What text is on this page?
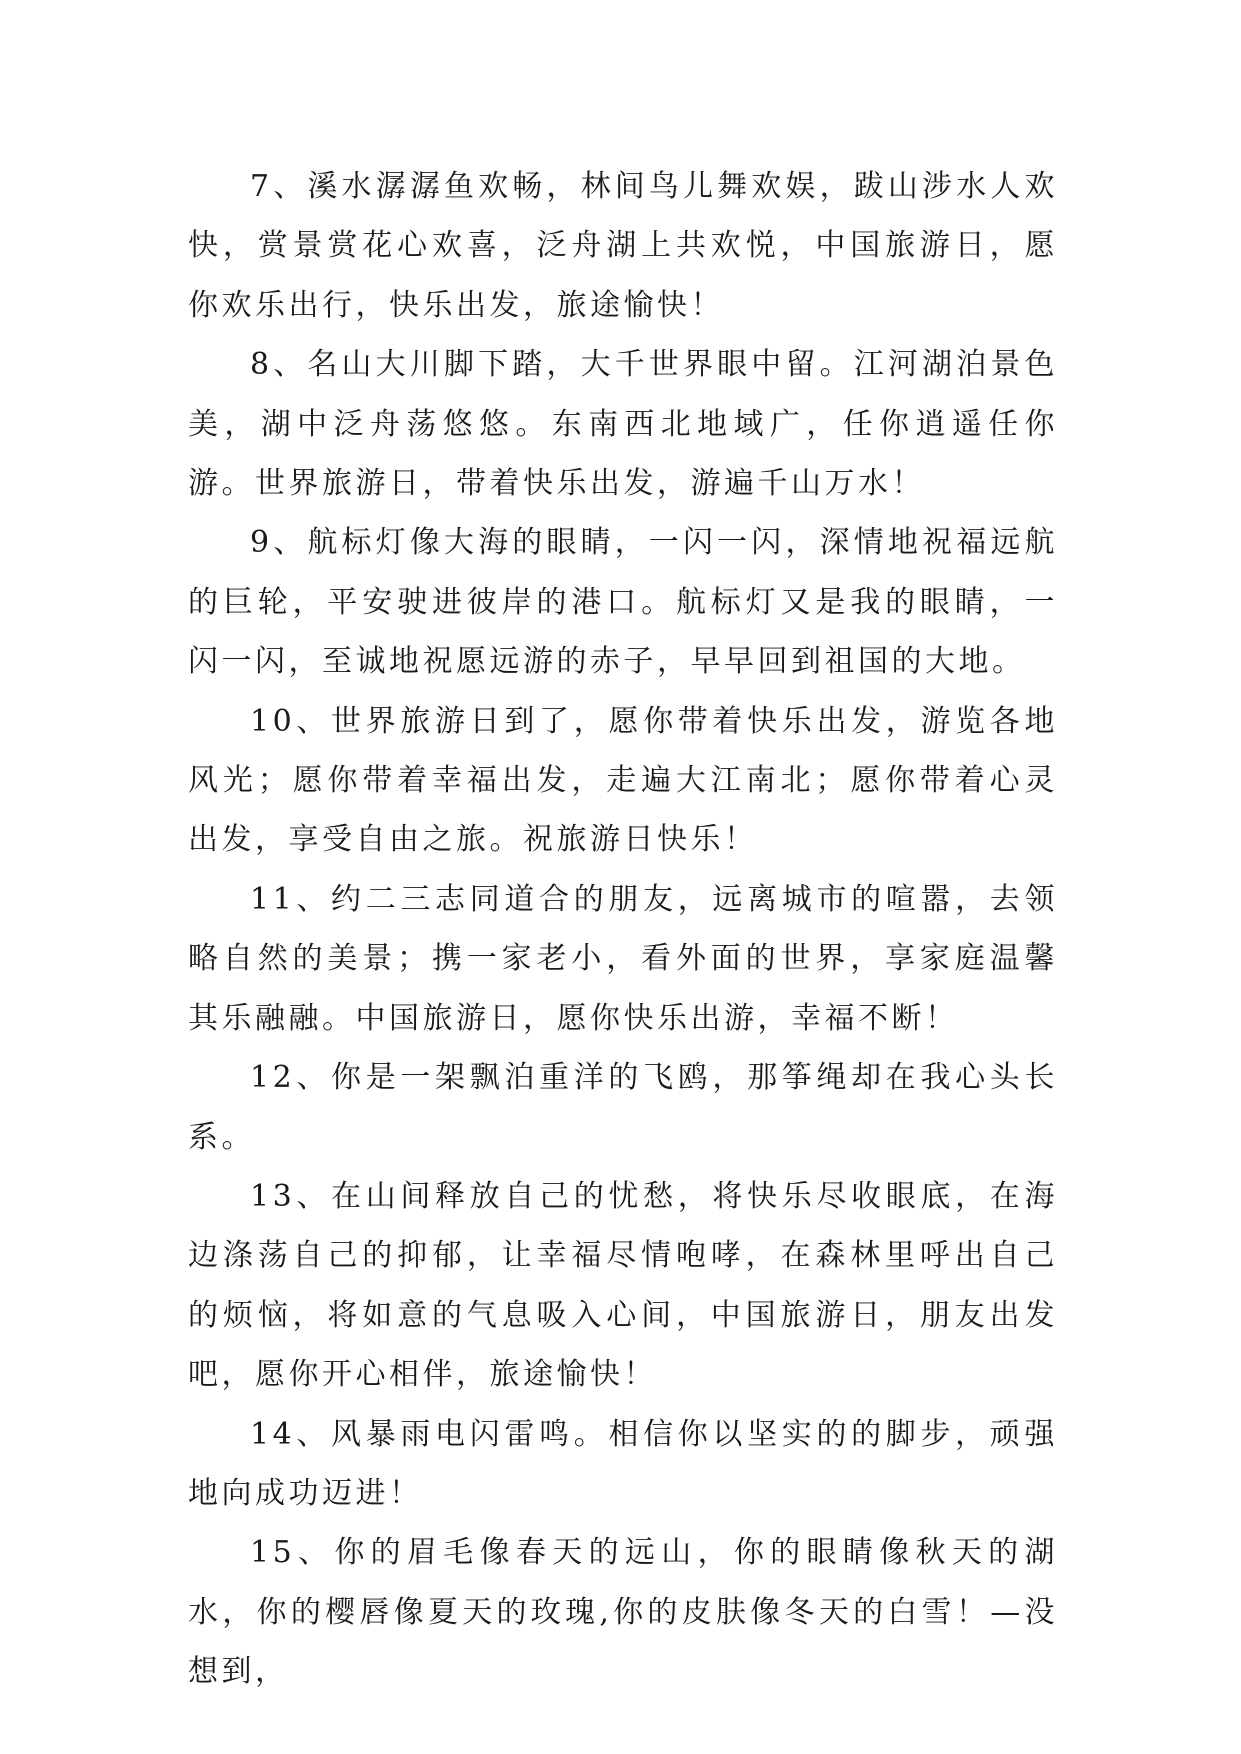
7、溪水潺潺鱼欢畅，林间鸟儿舞欢娱，跋山涉水人欢快，赏景赏花心欢喜，泛舟湖上共欢悦，中国旅游日，愿你欢乐出行，快乐出发，旅途愉快！

8、名山大川脚下踏，大千世界眼中留。江河湖泊景色美，湖中泛舟荡悠悠。东南西北地域广，任你逍遥任你游。世界旅游日，带着快乐出发，游遍千山万水！

9、航标灯像大海的眼睛，一闪一闪，深情地祝福远航的巨轮，平安驶进彼岸的港口。航标灯又是我的眼睛，一闪一闪，至诚地祝愿远游的赤子，早早回到祖国的大地。

10、世界旅游日到了，愿你带着快乐出发，游览各地风光；愿你带着幸福出发，走遍大江南北；愿你带着心灵出发，享受自由之旅。祝旅游日快乐！

11、约二三志同道合的朋友，远离城市的喧嚣，去领略自然的美景；携一家老小，看外面的世界，享家庭温馨其乐融融。中国旅游日，愿你快乐出游，幸福不断！

12、你是一架飘泊重洋的飞鸥，那筝绳却在我心头长系。

13、在山间释放自己的忧愁，将快乐尽收眼底，在海边涤荡自己的抑郁，让幸福尽情咆哮，在森林里呼出自己的烦恼，将如意的气息吸入心间，中国旅游日，朋友出发吧，愿你开心相伴，旅途愉快！

14、风暴雨电闪雷鸣。相信你以坚实的的脚步，顽强地向成功迈进！

15、你的眉毛像春天的远山，你的眼睛像秋天的湖水，你的樱唇像夏天的玫瑰,你的皮肤像冬天的白雪！—没想到，
